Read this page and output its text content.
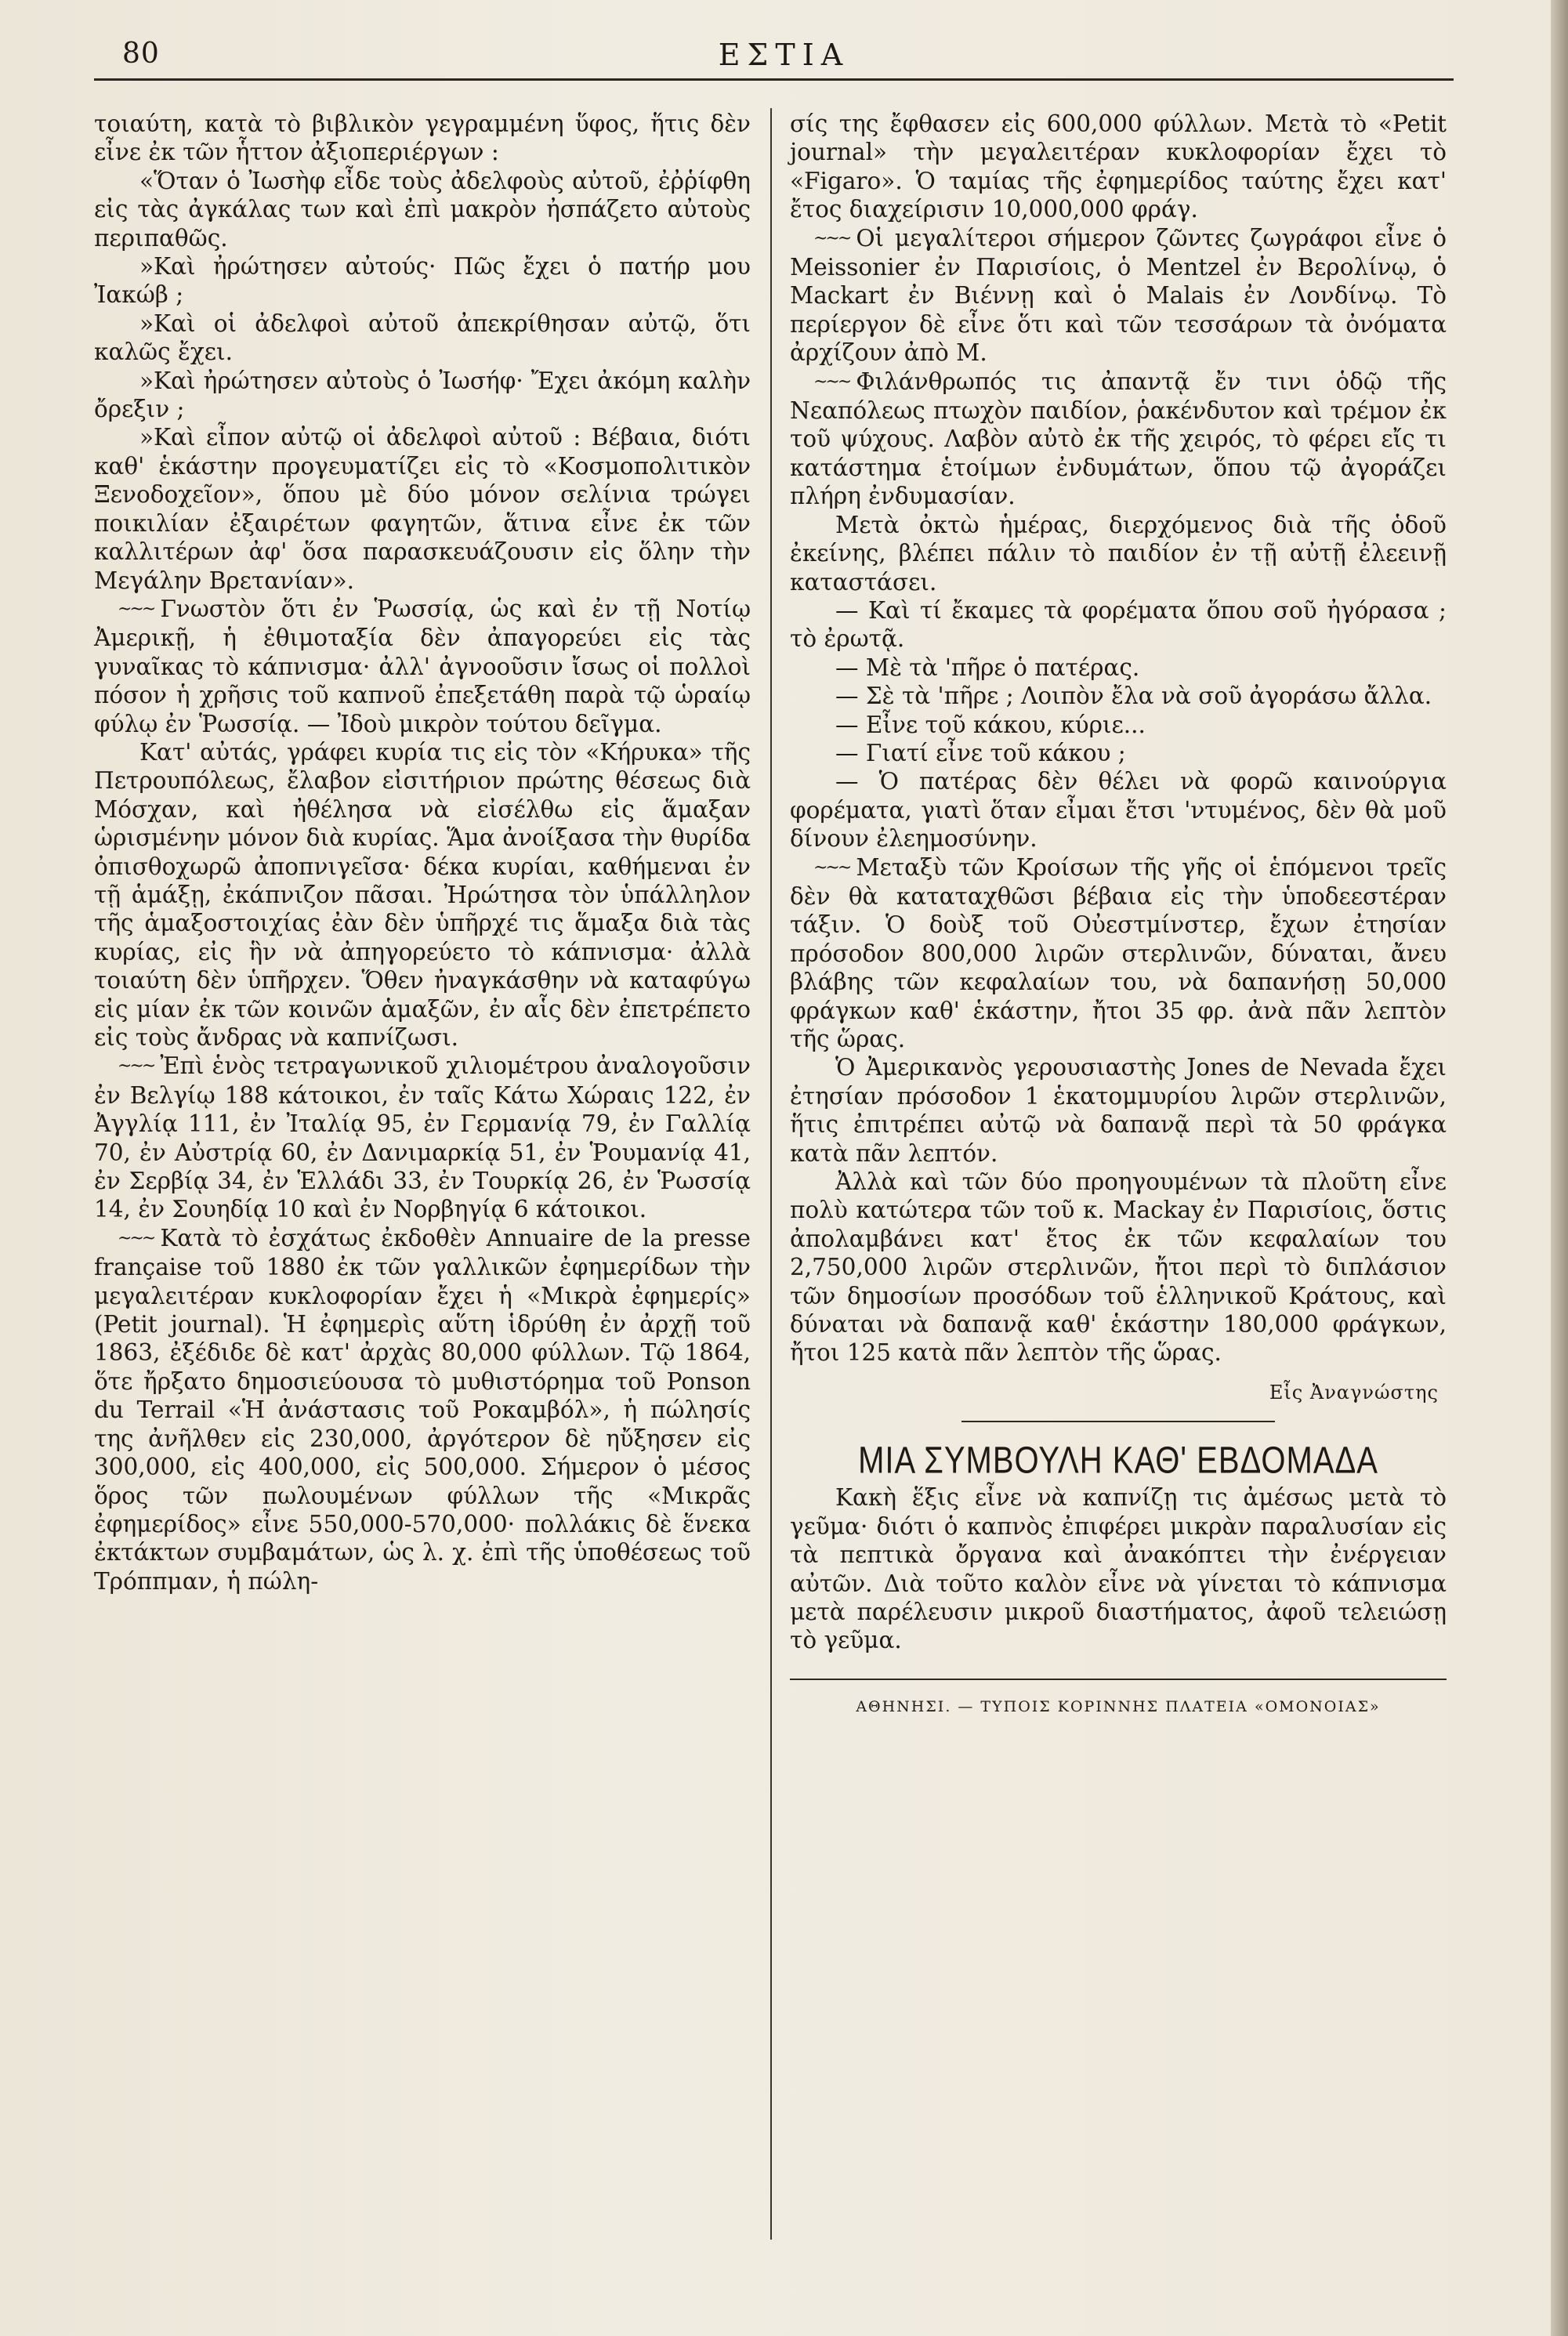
80	ΕΣΤΙΑ

τοιαύτη, κατὰ τὸ βιβλικὸν γεγραμμένη ὕφος, ἥτις δὲν εἶνε ἐκ τῶν ἧττον ἀξιοπεριέργων :

«Ὅταν ὁ Ἰωσὴφ εἶδε τοὺς ἀδελφοὺς αὐτοῦ, ἐῤῥίφθη εἰς τὰς ἀγκάλας των καὶ ἐπὶ μακρὸν ἠσπάζετο αὐτοὺς περιπαθῶς.

»Καὶ ἠρώτησεν αὐτούς· Πῶς ἔχει ὁ πατήρ μου Ἰακώβ ;

»Καὶ οἱ ἀδελφοὶ αὐτοῦ ἀπεκρίθησαν αὐτῷ, ὅτι καλῶς ἔχει.

»Καὶ ἠρώτησεν αὐτοὺς ὁ Ἰωσήφ· Ἔχει ἀκόμη καλὴν ὄρεξιν ;

»Καὶ εἶπον αὐτῷ οἱ ἀδελφοὶ αὐτοῦ : Βέβαια, διότι καθ' ἑκάστην προγευματίζει εἰς τὸ «Κοσμοπολιτικὸν Ξενοδοχεῖον», ὅπου μὲ δύο μόνον σελίνια τρώγει ποικιλίαν ἐξαιρέτων φαγητῶν, ἅτινα εἶνε ἐκ τῶν καλλιτέρων ἀφ' ὅσα παρασκευάζουσιν εἰς ὅλην τὴν Μεγάλην Βρετανίαν».

~~~ Γνωστὸν ὅτι ἐν Ῥωσσίᾳ, ὡς καὶ ἐν τῇ Νοτίῳ Ἀμερικῇ, ἡ ἐθιμοταξία δὲν ἀπαγορεύει εἰς τὰς γυναῖκας τὸ κάπνισμα· ἀλλ' ἀγνοοῦσιν ἴσως οἱ πολλοὶ πόσον ἡ χρῆσις τοῦ καπνοῦ ἐπεξετάθη παρὰ τῷ ὡραίῳ φύλῳ ἐν Ῥωσσίᾳ. — Ἰδοὺ μικρὸν τούτου δεῖγμα.

Κατ' αὐτάς, γράφει κυρία τις εἰς τὸν «Κήρυκα» τῆς Πετρουπόλεως, ἔλαβον εἰσιτήριον πρώτης θέσεως διὰ Μόσχαν, καὶ ἠθέλησα νὰ εἰσέλθω εἰς ἅμαξαν ὡρισμένην μόνον διὰ κυρίας. Ἅμα ἀνοίξασα τὴν θυρίδα ὀπισθοχωρῶ ἀποπνιγεῖσα· δέκα κυρίαι, καθήμεναι ἐν τῇ ἁμάξῃ, ἐκάπνιζον πᾶσαι. Ἠρώτησα τὸν ὑπάλληλον τῆς ἁμαξοστοιχίας ἐὰν δὲν ὑπῆρχέ τις ἅμαξα διὰ τὰς κυρίας, εἰς ἣν νὰ ἀπηγορεύετο τὸ κάπνισμα· ἀλλὰ τοιαύτη δὲν ὑπῆρχεν. Ὅθεν ἠναγκάσθην νὰ καταφύγω εἰς μίαν ἐκ τῶν κοινῶν ἁμαξῶν, ἐν αἷς δὲν ἐπετρέπετο εἰς τοὺς ἄνδρας νὰ καπνίζωσι.

~~~ Ἐπὶ ἑνὸς τετραγωνικοῦ χιλιομέτρου ἀναλογοῦσιν ἐν Βελγίῳ 188 κάτοικοι, ἐν ταῖς Κάτω Χώραις 122, ἐν Ἀγγλίᾳ 111, ἐν Ἰταλίᾳ 95, ἐν Γερμανίᾳ 79, ἐν Γαλλίᾳ 70, ἐν Αὐστρίᾳ 60, ἐν Δανιμαρκίᾳ 51, ἐν Ῥουμανίᾳ 41, ἐν Σερβίᾳ 34, ἐν Ἑλλάδι 33, ἐν Τουρκίᾳ 26, ἐν Ῥωσσίᾳ 14, ἐν Σουηδίᾳ 10 καὶ ἐν Νορβηγίᾳ 6 κάτοικοι.

~~~ Κατὰ τὸ ἐσχάτως ἐκδοθὲν Annuaire de la presse française τοῦ 1880 ἐκ τῶν γαλλικῶν ἐφημερίδων τὴν μεγαλειτέραν κυκλοφορίαν ἔχει ἡ «Μικρὰ ἐφημερίς» (Petit journal). Ἡ ἐφημερὶς αὕτη ἱδρύθη ἐν ἀρχῇ τοῦ 1863, ἐξέδιδε δὲ κατ' ἀρχὰς 80,000 φύλλων. Τῷ 1864, ὅτε ἤρξατο δημοσιεύουσα τὸ μυθιστόρημα τοῦ Ponson du Terrail «Ἡ ἀνάστασις τοῦ Ροκαμβόλ», ἡ πώλησίς της ἀνῆλθεν εἰς 230,000, ἀργότερον δὲ ηὔξησεν εἰς 300,000, εἰς 400,000, εἰς 500,000. Σήμερον ὁ μέσος ὅρος τῶν πωλουμένων φύλλων τῆς «Μικρᾶς ἐφημερίδος» εἶνε 550,000-570,000· πολλάκις δὲ ἕνεκα ἐκτάκτων συμβαμάτων, ὡς λ. χ. ἐπὶ τῆς ὑποθέσεως τοῦ Τρόππμαν, ἡ πώλη-

σίς της ἔφθασεν εἰς 600,000 φύλλων. Μετὰ τὸ «Petit journal» τὴν μεγαλειτέραν κυκλοφορίαν ἔχει τὸ «Figaro». Ὁ ταμίας τῆς ἐφημερίδος ταύτης ἔχει κατ' ἔτος διαχείρισιν 10,000,000 φράγ.

~~~ Οἱ μεγαλίτεροι σήμερον ζῶντες ζωγράφοι εἶνε ὁ Meissonier ἐν Παρισίοις, ὁ Mentzel ἐν Βερολίνῳ, ὁ Mackart ἐν Βιέννῃ καὶ ὁ Malais ἐν Λονδίνῳ. Τὸ περίεργον δὲ εἶνε ὅτι καὶ τῶν τεσσάρων τὰ ὀνόματα ἀρχίζουν ἀπὸ Μ.

~~~ Φιλάνθρωπός τις ἀπαντᾷ ἔν τινι ὁδῷ τῆς Νεαπόλεως πτωχὸν παιδίον, ῥακένδυτον καὶ τρέμον ἐκ τοῦ ψύχους. Λαβὸν αὐτὸ ἐκ τῆς χειρός, τὸ φέρει εἴς τι κατάστημα ἑτοίμων ἐνδυμάτων, ὅπου τῷ ἀγοράζει πλήρη ἐνδυμασίαν.

Μετὰ ὀκτὼ ἡμέρας, διερχόμενος διὰ τῆς ὁδοῦ ἐκείνης, βλέπει πάλιν τὸ παιδίον ἐν τῇ αὐτῇ ἐλεεινῇ καταστάσει.

— Καὶ τί ἔκαμες τὰ φορέματα ὅπου σοῦ ἠγόρασα ; τὸ ἐρωτᾷ.

— Μὲ τὰ 'πῆρε ὁ πατέρας.

— Σὲ τὰ 'πῆρε ; Λοιπὸν ἔλα νὰ σοῦ ἀγοράσω ἄλλα.

— Εἶνε τοῦ κάκου, κύριε...

— Γιατί εἶνε τοῦ κάκου ;

— Ὁ πατέρας δὲν θέλει νὰ φορῶ καινούργια φορέματα, γιατὶ ὅταν εἶμαι ἔτσι 'ντυμένος, δὲν θὰ μοῦ δίνουν ἐλεημοσύνην.

~~~ Μεταξὺ τῶν Κροίσων τῆς γῆς οἱ ἑπόμενοι τρεῖς δὲν θὰ καταταχθῶσι βέβαια εἰς τὴν ὑποδεεστέραν τάξιν. Ὁ δοὺξ τοῦ Οὐεστμίνστερ, ἔχων ἐτησίαν πρόσοδον 800,000 λιρῶν στερλινῶν, δύναται, ἄνευ βλάβης τῶν κεφαλαίων του, νὰ δαπανήσῃ 50,000 φράγκων καθ' ἑκάστην, ἤτοι 35 φρ. ἀνὰ πᾶν λεπτὸν τῆς ὥρας.

Ὁ Ἀμερικανὸς γερουσιαστὴς Jones de Nevada ἔχει ἐτησίαν πρόσοδον 1 ἑκατομμυρίου λιρῶν στερλινῶν, ἥτις ἐπιτρέπει αὐτῷ νὰ δαπανᾷ περὶ τὰ 50 φράγκα κατὰ πᾶν λεπτόν.

Ἀλλὰ καὶ τῶν δύο προηγουμένων τὰ πλοῦτη εἶνε πολὺ κατώτερα τῶν τοῦ κ. Mackay ἐν Παρισίοις, ὅστις ἀπολαμβάνει κατ' ἔτος ἐκ τῶν κεφαλαίων του 2,750,000 λιρῶν στερλινῶν, ἤτοι περὶ τὸ διπλάσιον τῶν δημοσίων προσόδων τοῦ ἑλληνικοῦ Κράτους, καὶ δύναται νὰ δαπανᾷ καθ' ἑκάστην 180,000 φράγκων, ἤτοι 125 κατὰ πᾶν λεπτὸν τῆς ὥρας.

Εἷς Ἀναγνώστης

ΜΙΑ ΣΥΜΒΟΥΛΗ ΚΑΘ' ΕΒΔΟΜΑΔΑ

Κακὴ ἕξις εἶνε νὰ καπνίζῃ τις ἀμέσως μετὰ τὸ γεῦμα· διότι ὁ καπνὸς ἐπιφέρει μικρὰν παραλυσίαν εἰς τὰ πεπτικὰ ὄργανα καὶ ἀνακόπτει τὴν ἐνέργειαν αὐτῶν. Διὰ τοῦτο καλὸν εἶνε νὰ γίνεται τὸ κάπνισμα μετὰ παρέλευσιν μικροῦ διαστήματος, ἀφοῦ τελειώσῃ τὸ γεῦμα.

ΑΘΗΝΗΣΙ. — ΤΥΠΟΙΣ ΚΟΡΙΝΝΗΣ ΠΛΑΤΕΙΑ «ΟΜΟΝΟΙΑΣ»
